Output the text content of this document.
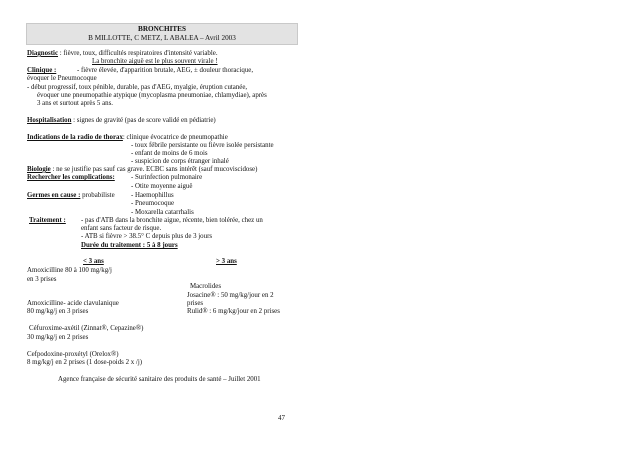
BRONCHITES
B MILLOTTE, C METZ, L ABALEA – Avril 2003
Diagnostic : fièvre, toux, difficultés respiratoires d'intensité variable.
La bronchite aiguë est le plus souvent virale !
Clinique :	- fièvre élevée, d'apparition brutale, AEG, ± douleur thoracique,
évoquer le Pneumocoque
- début progressif, toux pénible, durable, pas d'AEG, myalgie, éruption cutanée,
évoquer une pneumopathie atypique (mycoplasma pneumoniae, chlamydiae), après
3 ans et surtout après 5 ans.
Hospitalisation : signes de gravité (pas de score validé en pédiatrie)
Indications de la radio de thorax: clinique évocatrice de pneumopathie
- toux fébrile persistante ou fièvre isolée persistante
- enfant de moins de 6 mois
- suspicion de corps étranger inhalé
Biologie : ne se justifie pas sauf cas grave. ECBC sans intérêt (sauf mucoviscidose)
Rechercher les complications: - Surinfection pulmonaire
- Otite moyenne aiguë
Germes en cause : probabiliste - Haemophillus
- Pneumocoque
- Moxarella catarrhalis
Traitement : - pas d'ATB dans la bronchite aigue, récente, bien tolérée, chez un
enfant sans facteur de risque.
- ATB si fièvre > 38.5° C depuis plus de 3 jours
Durée du traitement : 5 à 8 jours
< 3 ans	> 3 ans
Amoxicilline 80 à 100 mg/kg/j
en 3 prises
Amoxicilline- acide clavulanique
80 mg/kg/j en 3 prises
Céfuroxime-axétil (Zinnat®, Cepazine®)
30 mg/kg/j en 2 prises
Cefpodoxine-proxétyl (Orelox®)
8 mg/kg/j en 2 prises (1 dose-poids 2 x /j)
Macrolides
Josacine® : 50 mg/kg/jour en 2
prises
Rulid® : 6 mg/kg/jour en 2 prises
Agence française de sécurité sanitaire des produits de santé – Juillet 2001
47
